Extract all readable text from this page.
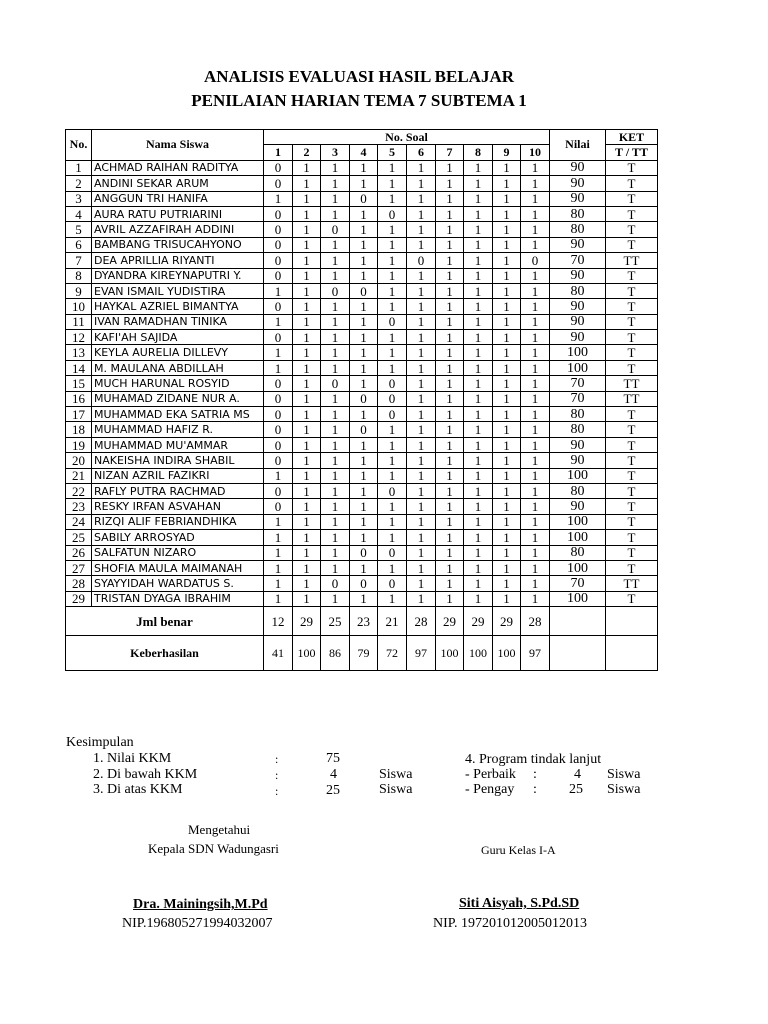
ANALISIS EVALUASI HASIL BELAJAR
PENILAIAN HARIAN TEMA 7 SUBTEMA 1
No.	Nama Siswa	No. Soal										Nilai	KET
		1	2	3	4	5	6	7	8	9	10		T / TT
1	ACHMAD RAIHAN RADITYA	0	1	1	1	1	1	1	1	1	1	90	T
2	ANDINI SEKAR ARUM	0	1	1	1	1	1	1	1	1	1	90	T
3	ANGGUN TRI HANIFA	1	1	1	0	1	1	1	1	1	1	90	T
4	AURA RATU PUTRIARINI	0	1	1	1	0	1	1	1	1	1	80	T
5	AVRIL AZZAFIRAH ADDINI	0	1	0	1	1	1	1	1	1	1	80	T
6	BAMBANG TRISUCAHYONO	0	1	1	1	1	1	1	1	1	1	90	T
7	DEA APRILLIA RIYANTI	0	1	1	1	1	0	1	1	1	0	70	TT
8	DYANDRA KIREYNAPUTRI Y.	0	1	1	1	1	1	1	1	1	1	90	T
9	EVAN ISMAIL YUDISTIRA	1	1	0	0	1	1	1	1	1	1	80	T
10	HAYKAL AZRIEL BIMANTYA	0	1	1	1	1	1	1	1	1	1	90	T
11	IVAN RAMADHAN TINIKA	1	1	1	1	0	1	1	1	1	1	90	T
12	KAFI'AH SAJIDA	0	1	1	1	1	1	1	1	1	1	90	T
13	KEYLA AURELIA DILLEVY	1	1	1	1	1	1	1	1	1	1	100	T
14	M. MAULANA ABDILLAH	1	1	1	1	1	1	1	1	1	1	100	T
15	MUCH HARUNAL ROSYID	0	1	0	1	0	1	1	1	1	1	70	TT
16	MUHAMAD ZIDANE NUR A.	0	1	1	0	0	1	1	1	1	1	70	TT
17	MUHAMMAD EKA SATRIA MS	0	1	1	1	0	1	1	1	1	1	80	T
18	MUHAMMAD HAFIZ R.	0	1	1	0	1	1	1	1	1	1	80	T
19	MUHAMMAD MU'AMMAR	0	1	1	1	1	1	1	1	1	1	90	T
20	NAKEISHA INDIRA SHABIL	0	1	1	1	1	1	1	1	1	1	90	T
21	NIZAN AZRIL FAZIKRI	1	1	1	1	1	1	1	1	1	1	100	T
22	RAFLY PUTRA RACHMAD	0	1	1	1	0	1	1	1	1	1	80	T
23	RESKY IRFAN ASVAHAN	0	1	1	1	1	1	1	1	1	1	90	T
24	RIZQI ALIF FEBRIANDHIKA	1	1	1	1	1	1	1	1	1	1	100	T
25	SABILY ARROSYAD	1	1	1	1	1	1	1	1	1	1	100	T
26	SALFATUN NIZARO	1	1	1	0	0	1	1	1	1	1	80	T
27	SHOFIA MAULA MAIMANAH	1	1	1	1	1	1	1	1	1	1	100	T
28	SYAYYIDAH WARDATUS S.	1	1	0	0	0	1	1	1	1	1	70	TT
29	TRISTAN DYAGA IBRAHIM	1	1	1	1	1	1	1	1	1	1	100	T
Jml benar		12	29	25	23	21	28	29	29	29	28		
Keberhasilan		41	100	86	79	72	97	100	100	100	97		
Kesimpulan
1. Nilai KKM	:	75
2. Di bawah KKM	:	4	Siswa
3. Di atas KKM	:	25	Siswa
4. Program tindak lanjut
- Perbaik :	4 Siswa
- Pengay : 25 Siswa
Mengetahui
Kepala SDN Wadungasri	Guru Kelas I-A
Dra. Mainingsih,M.Pd
NIP.196805271994032007
Siti Aisyah, S.Pd.SD
NIP. 197201012005012013
